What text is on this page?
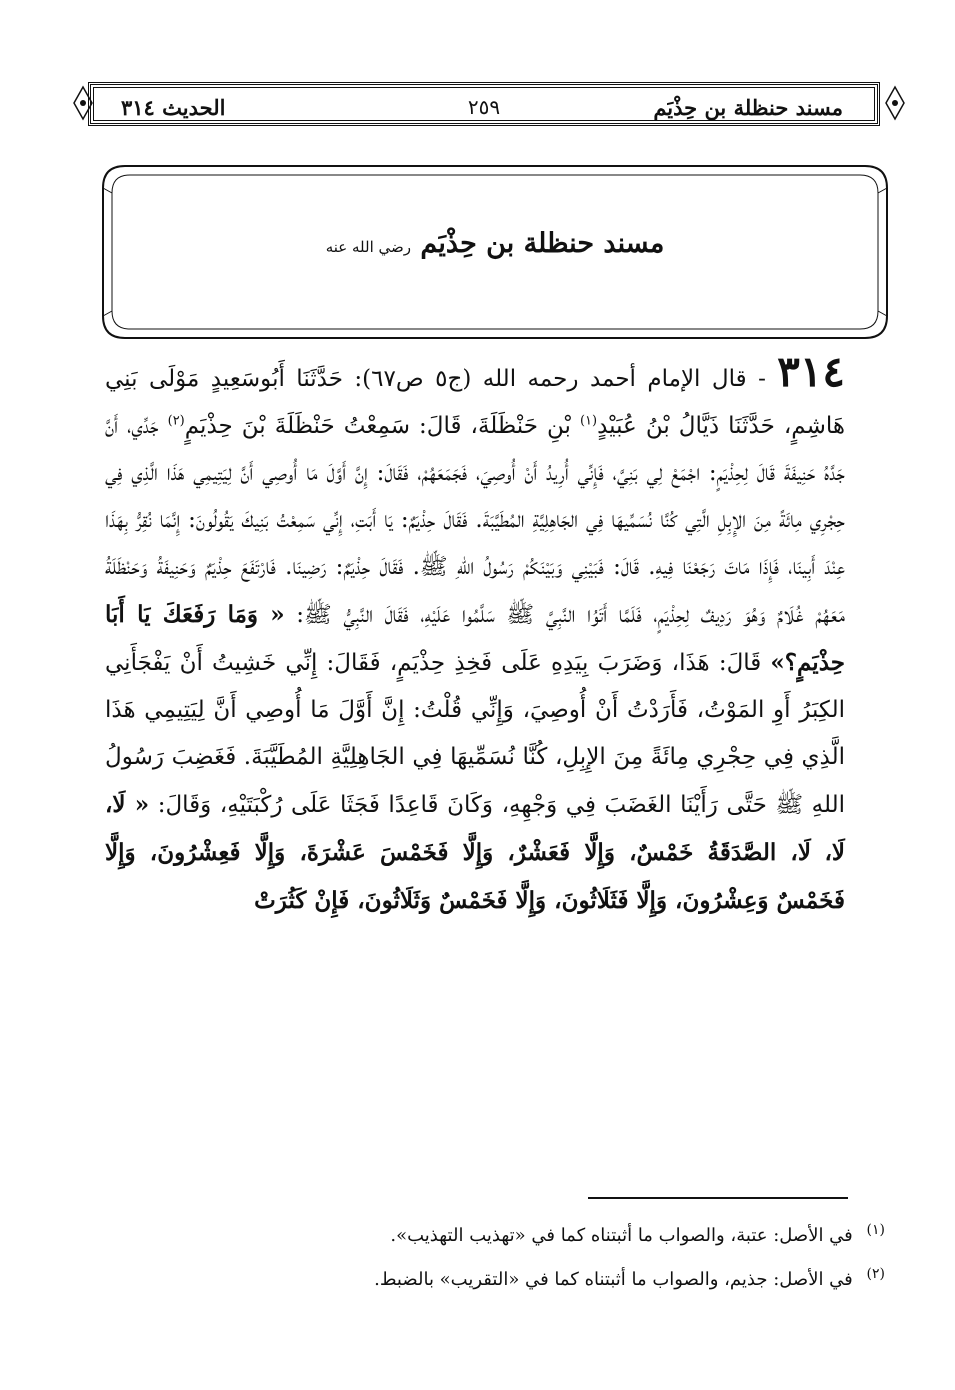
مسند حنظلة بن حِذْيَم
٢٥٩
الحديث ٣١٤
مسند حنظلة بن حِذْيَم رضي الله عنه
٣١٤ - قال الإمام أحمد رحمه الله (ج٥ ص٦٧): حَدَّثَنَا أَبُوسَعِيدٍ مَوْلَى بَنِي هَاشِمٍ، حَدَّثَنَا ذَيَّالُ بْنُ عُبَيْدٍ$^{(١)}$ بْنِ حَنْظَلَةَ، قَالَ: سَمِعْتُ حَنْظَلَةَ بْنَ حِذْيَمٍ$^{(٢)}$ جَدِّي، أَنَّ جَدَّهُ حَنِيفَةَ قَالَ لِحِذْيَمٍ: اجْمَعْ لِي بَنِيَّ، فَإِنِّي أُرِيدُ أَنْ أُوصِيَ، فَجَمَعَهُمْ، فَقَالَ: إِنَّ أَوَّلَ مَا أُوصِي أَنَّ لِيَتِيمِي هَذَا الَّذِي فِي حِجْرِي مِائَةً مِنَ الإِبِلِ الَّتِي كُنَّا نُسَمِّيهَا فِي الجَاهِلِيَّةِ المُطَيَّبَةَ. فَقَالَ حِذْيَمٌ: يَا أَبَتِ، إِنِّي سَمِعْتُ بَنِيكَ يَقُولُونَ: إِنَّمَا نُقِرُّ بِهَذَا عِنْدَ أَبِينَا، فَإِذَا مَاتَ رَجَعْنَا فِيهِ. قَالَ: فَبَيْنِي وَبَيْنَكُمْ رَسُولُ اللهِ ﷺ. فَقَالَ حِذْيَمٌ: رَضِينَا. فَارْتَفَعَ حِذْيَمٌ وَحَنِيفَةُ وَحَنْظَلَةُ مَعَهُمْ غُلَامٌ وَهُوَ رَدِيفٌ لِحِذْيَمٍ، فَلَمَّا أَتَوُا النَّبِيَّ ﷺ سَلَّمُوا عَلَيْهِ، فَقَالَ النَّبِيُّ ﷺ: « وَمَا رَفَعَكَ يَا أَبَا حِذْيَمٍ؟» قَالَ: هَذَا، وَضَرَبَ بِيَدِهِ عَلَى فَخِذِ حِذْيَمٍ، فَقَالَ: إِنِّي خَشِيتُ أَنْ يَفْجَأَنِي الكِبَرُ أَوِ المَوْتُ، فَأَرَدْتُ أَنْ أُوصِيَ، وَإِنِّي قُلْتُ: إِنَّ أَوَّلَ مَا أُوصِي أَنَّ لِيَتِيمِي هَذَا الَّذِي فِي حِجْرِي مِائَةً مِنَ الإِبِلِ، كُنَّا نُسَمِّيهَا فِي الجَاهِلِيَّةِ المُطَيَّبَةَ. فَغَضِبَ رَسُولُ اللهِ ﷺ حَتَّى رَأَيْنَا الغَضَبَ فِي وَجْهِهِ، وَكَانَ قَاعِدًا فَجَثَا عَلَى رُكْبَتَيْهِ، وَقَالَ: « لَا، لَا، لَا، الصَّدَقَةُ خَمْسٌ، وَإِلَّا فَعَشْرٌ، وَإِلَّا فَخَمْسَ عَشْرَةَ، وَإِلَّا فَعِشْرُونَ، وَإِلَّا فَخَمْسٌ وَعِشْرُونَ، وَإِلَّا فَثَلَاثُونَ، وَإِلَّا فَخَمْسٌ وَثَلَاثُونَ، فَإِنْ كَثُرَتْ
$^{(١)}$ في الأصل: عتبة، والصواب ما أثبتناه كما في «تهذيب التهذيب».
$^{(٢)}$ في الأصل: جذيم، والصواب ما أثبتناه كما في «التقريب» بالضبط.
